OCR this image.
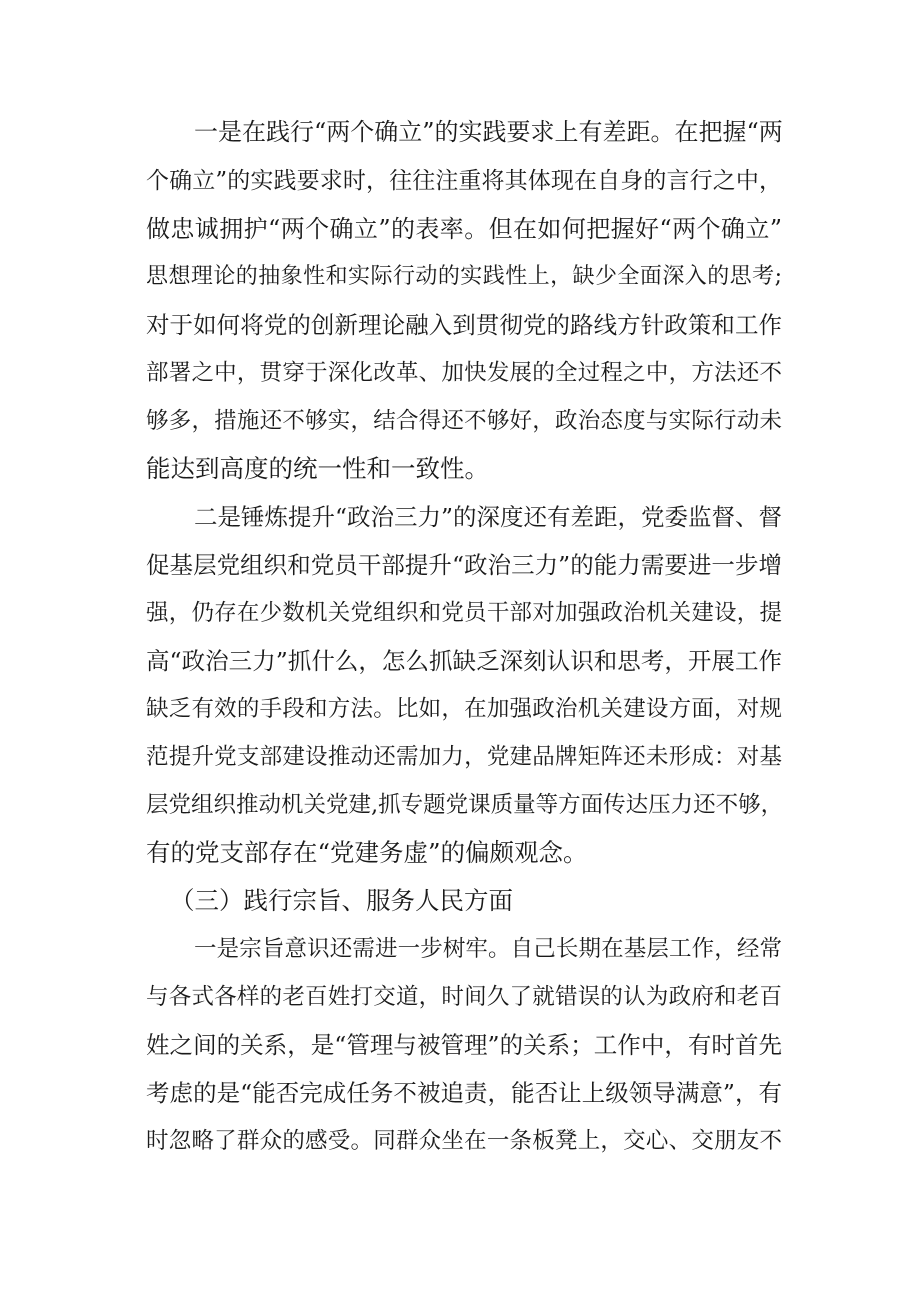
一是在践行“两个确立”的实践要求上有差距。在把握“两
个确立”的实践要求时，往往注重将其体现在自身的言行之中，
做忠诚拥护“两个确立”的表率。但在如何把握好“两个确立”
思想理论的抽象性和实际行动的实践性上，缺少全面深入的思考;
对于如何将党的创新理论融入到贯彻党的路线方针政策和工作
部署之中，贯穿于深化改革、加快发展的全过程之中，方法还不
够多，措施还不够实，结合得还不够好，政治态度与实际行动未
能达到高度的统一性和一致性。
二是锤炼提升“政治三力”的深度还有差距，党委监督、督
促基层党组织和党员干部提升“政治三力”的能力需要进一步增
强，仍存在少数机关党组织和党员干部对加强政治机关建设，提
高“政治三力”抓什么，怎么抓缺乏深刻认识和思考，开展工作
缺乏有效的手段和方法。比如，在加强政治机关建设方面，对规
范提升党支部建设推动还需加力，党建品牌矩阵还未形成：对基
层党组织推动机关党建,抓专题党课质量等方面传达压力还不够，
有的党支部存在“党建务虚”的偏颇观念。
（三）践行宗旨、服务人民方面
一是宗旨意识还需进一步树牢。自己长期在基层工作，经常
与各式各样的老百姓打交道，时间久了就错误的认为政府和老百
姓之间的关系，是“管理与被管理”的关系；工作中，有时首先
考虑的是“能否完成任务不被追责，能否让上级领导满意”，有
时忽略了群众的感受。同群众坐在一条板凳上，交心、交朋友不
